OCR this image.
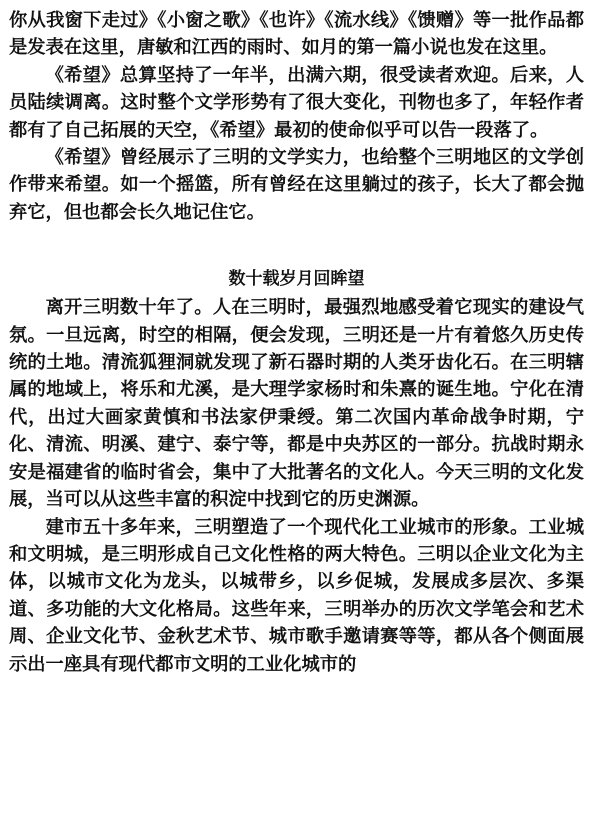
你从我窗下走过》《小窗之歌》《也许》《流水线》《馈赠》等一批作品都是发表在这里，唐敏和江西的雨时、如月的第一篇小说也发在这里。

《希望》总算坚持了一年半，出满六期，很受读者欢迎。后来，人员陆续调离。这时整个文学形势有了很大变化，刊物也多了，年轻作者都有了自己拓展的天空，《希望》最初的使命似乎可以告一段落了。

《希望》曾经展示了三明的文学实力，也给整个三明地区的文学创作带来希望。如一个摇篮，所有曾经在这里躺过的孩子，长大了都会抛弃它，但也都会长久地记住它。

数十载岁月回眸望

离开三明数十年了。人在三明时，最强烈地感受着它现实的建设气氛。一旦远离，时空的相隔，便会发现，三明还是一片有着悠久历史传统的土地。清流狐狸洞就发现了新石器时期的人类牙齿化石。在三明辖属的地域上，将乐和尤溪，是大理学家杨时和朱熹的诞生地。宁化在清代，出过大画家黄慎和书法家伊秉绶。第二次国内革命战争时期，宁化、清流、明溪、建宁、泰宁等，都是中央苏区的一部分。抗战时期永安是福建省的临时省会，集中了大批著名的文化人。今天三明的文化发展，当可以从这些丰富的积淀中找到它的历史渊源。

建市五十多年来，三明塑造了一个现代化工业城市的形象。工业城和文明城，是三明形成自己文化性格的两大特色。三明以企业文化为主体，以城市文化为龙头，以城带乡，以乡促城，发展成多层次、多渠道、多功能的大文化格局。这些年来，三明举办的历次文学笔会和艺术周、企业文化节、金秋艺术节、城市歌手邀请赛等等，都从各个侧面展示出一座具有现代都市文明的工业化城市的
